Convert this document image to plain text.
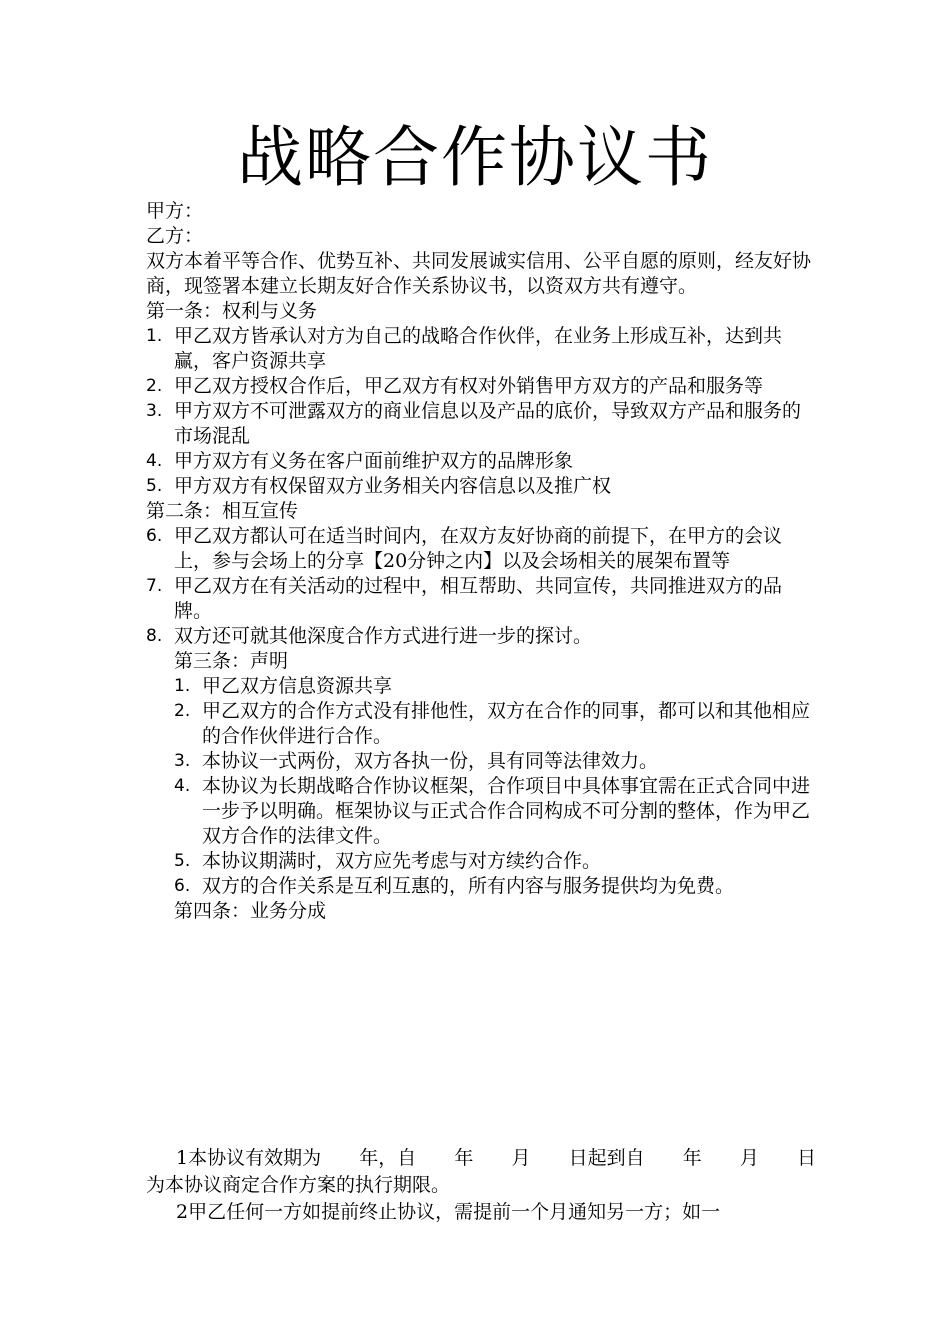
战略合作协议书

甲方：

乙方：

双方本着平等合作、优势互补、共同发展诚实信用、公平自愿的原则，经友好协商，现签署本建立长期友好合作关系协议书，以资双方共有遵守。

第一条：权利与义务

1. 甲乙双方皆承认对方为自己的战略合作伙伴，在业务上形成互补，达到共赢，客户资源共享
2. 甲乙双方授权合作后，甲乙双方有权对外销售甲方双方的产品和服务等
3. 甲方双方不可泄露双方的商业信息以及产品的底价，导致双方产品和服务的市场混乱
4. 甲方双方有义务在客户面前维护双方的品牌形象
5. 甲方双方有权保留双方业务相关内容信息以及推广权

第二条：相互宣传

6. 甲乙双方都认可在适当时间内，在双方友好协商的前提下，在甲方的会议上，参与会场上的分享【20分钟之内】以及会场相关的展架布置等
7. 甲乙双方在有关活动的过程中，相互帮助、共同宣传，共同推进双方的品牌。
8. 双方还可就其他深度合作方式进行进一步的探讨。

第三条：声明

1. 甲乙双方信息资源共享
2. 甲乙双方的合作方式没有排他性，双方在合作的同事，都可以和其他相应的合作伙伴进行合作。
3. 本协议一式两份，双方各执一份，具有同等法律效力。
4. 本协议为长期战略合作协议框架，合作项目中具体事宜需在正式合同中进一步予以明确。框架协议与正式合作合同构成不可分割的整体，作为甲乙双方合作的法律文件。
5. 本协议期满时，双方应先考虑与对方续约合作。
6. 双方的合作关系是互利互惠的，所有内容与服务提供均为免费。

第四条：业务分成

1本协议有效期为 年，自 年 月 日起到自 年 月 日

为本协议商定合作方案的执行期限。

2甲乙任何一方如提前终止协议，需提前一个月通知另一方；如一
